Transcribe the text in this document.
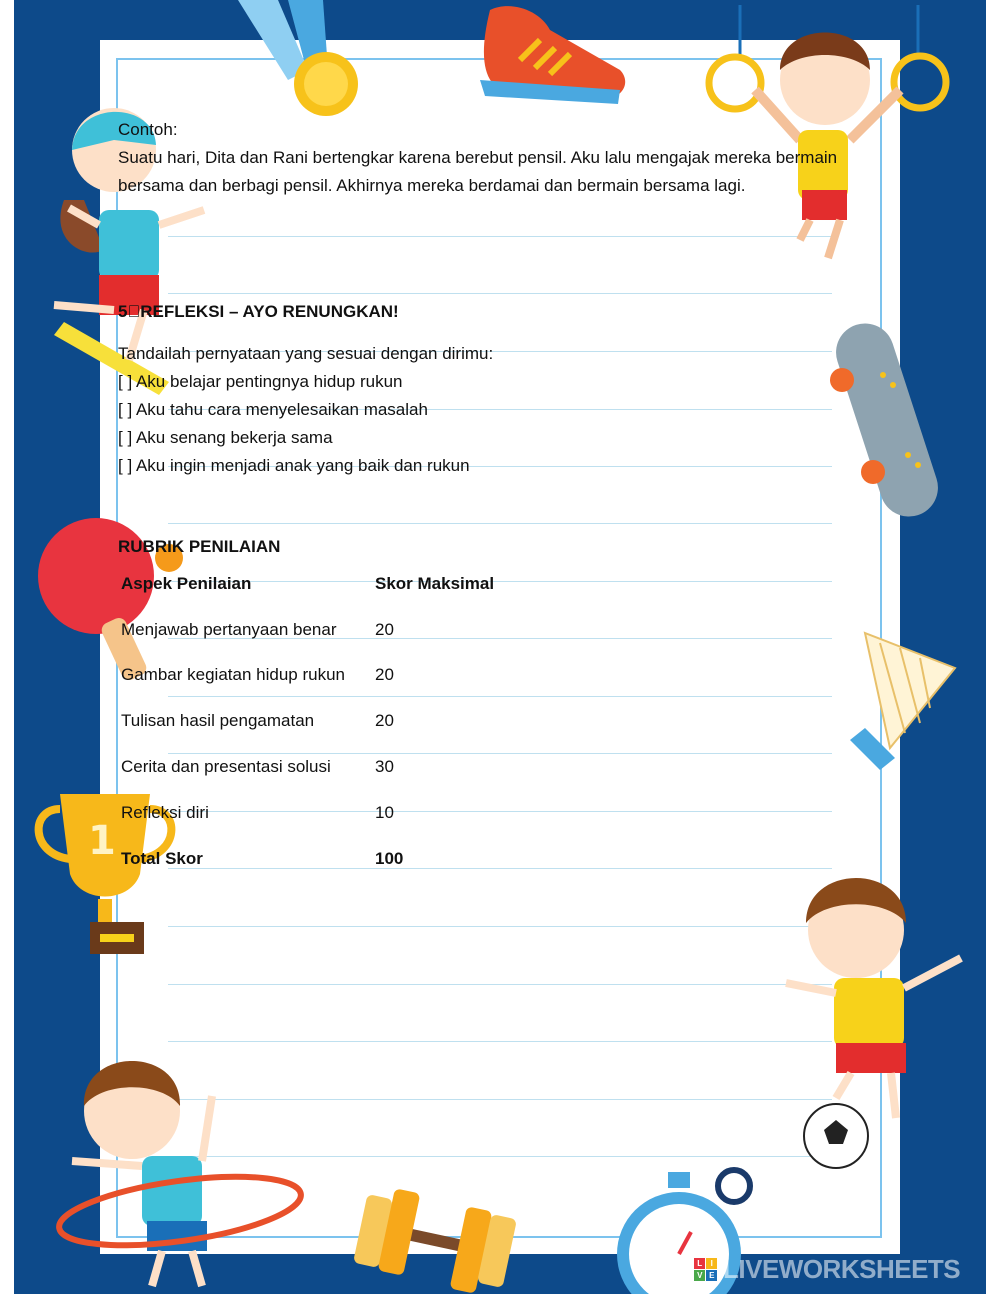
1

Contoh:

Suatu hari, Dita dan Rani bertengkar karena berebut pensil. Aku lalu mengajak mereka bermain bersama dan berbagi pensil. Akhirnya mereka berdamai dan bermain bersama lagi.

5⃣REFLEKSI – AYO RENUNGKAN!

Tandailah pernyataan yang sesuai dengan dirimu:

[ ] Aku belajar pentingnya hidup rukun
[ ] Aku tahu cara menyelesaikan masalah
[ ] Aku senang bekerja sama
[ ] Aku ingin menjadi anak yang baik dan rukun

RUBRIK PENILAIAN

Aspek Penilaian	Skor Maksimal
Menjawab pertanyaan benar	20
Gambar kegiatan hidup rukun	20
Tulisan hasil pengamatan	20
Cerita dan presentasi solusi	30
Refleksi diri	10
Total Skor	100
L	I
V E LIVEWORKSHEETS
